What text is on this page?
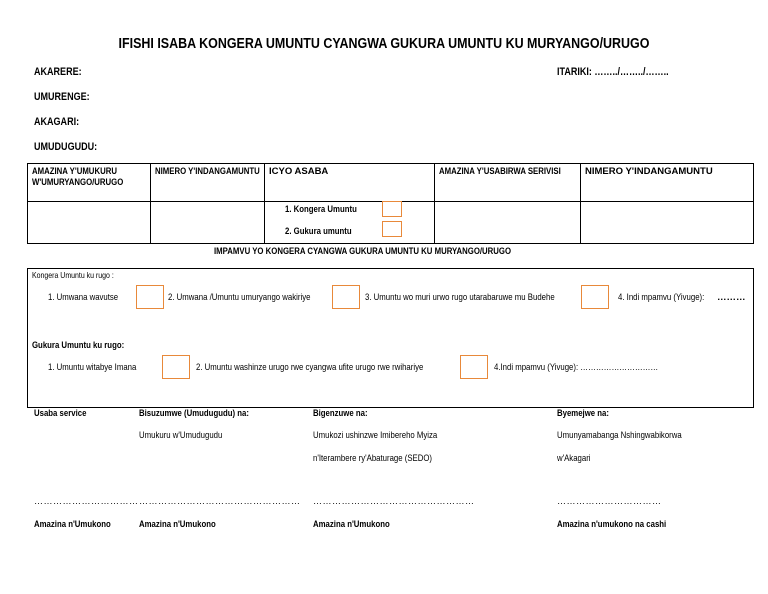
IFISHI ISABA KONGERA UMUNTU CYANGWA GUKURA UMUNTU KU MURYANGO/URUGO
AKARERE:
UMURENGE:
AKAGARI:
UMUDUGUDU:
ITARIKI: ……../……../……..
AMAZINA Y'UMUKURU W'UMURYANGO/URUGO	NIMERO Y'INDANGAMUNTU	ICYO ASABA	AMAZINA Y'USABIRWA SERIVISI	NIMERO Y'INDANGAMUNTU

		1. Kongera Umuntu
2. Gukura umuntu		

IMPAMVU YO KONGERA CYANGWA GUKURA UMUNTU KU MURYANGO/URUGO
Kongera Umuntu ku rugo :
1. Umwana wavutse	2. Umwana /Umuntu umuryango wakiriye	3. Umuntu wo muri urwo rugo utarabaruwe mu Budehe	4. Indi mpamvu (Yivuge): ………
Gukura Umuntu ku rugo:
1. Umuntu witabye Imana	2. Umuntu washinze urugo rwe cyangwa ufite urugo rwe rwihariye	4.Indi mpamvu (Yivuge): …………………………
Usaba service
……………………………
Amazina n'Umukono
Bisuzumwe (Umudugudu) na:
Umukuru w'Umudugudu
……………………………………………
Amazina n'Umukono
Bigenzuwe na:
Umukozi ushinzwe Imibereho Myiza
n'Iterambere ry'Abaturage (SEDO)
……………………………………………
Amazina n'Umukono
Byemejwe na:
Umunyamabanga Nshingwabikorwa
w'Akagari
……………………………
Amazina n'umukono na cashi
